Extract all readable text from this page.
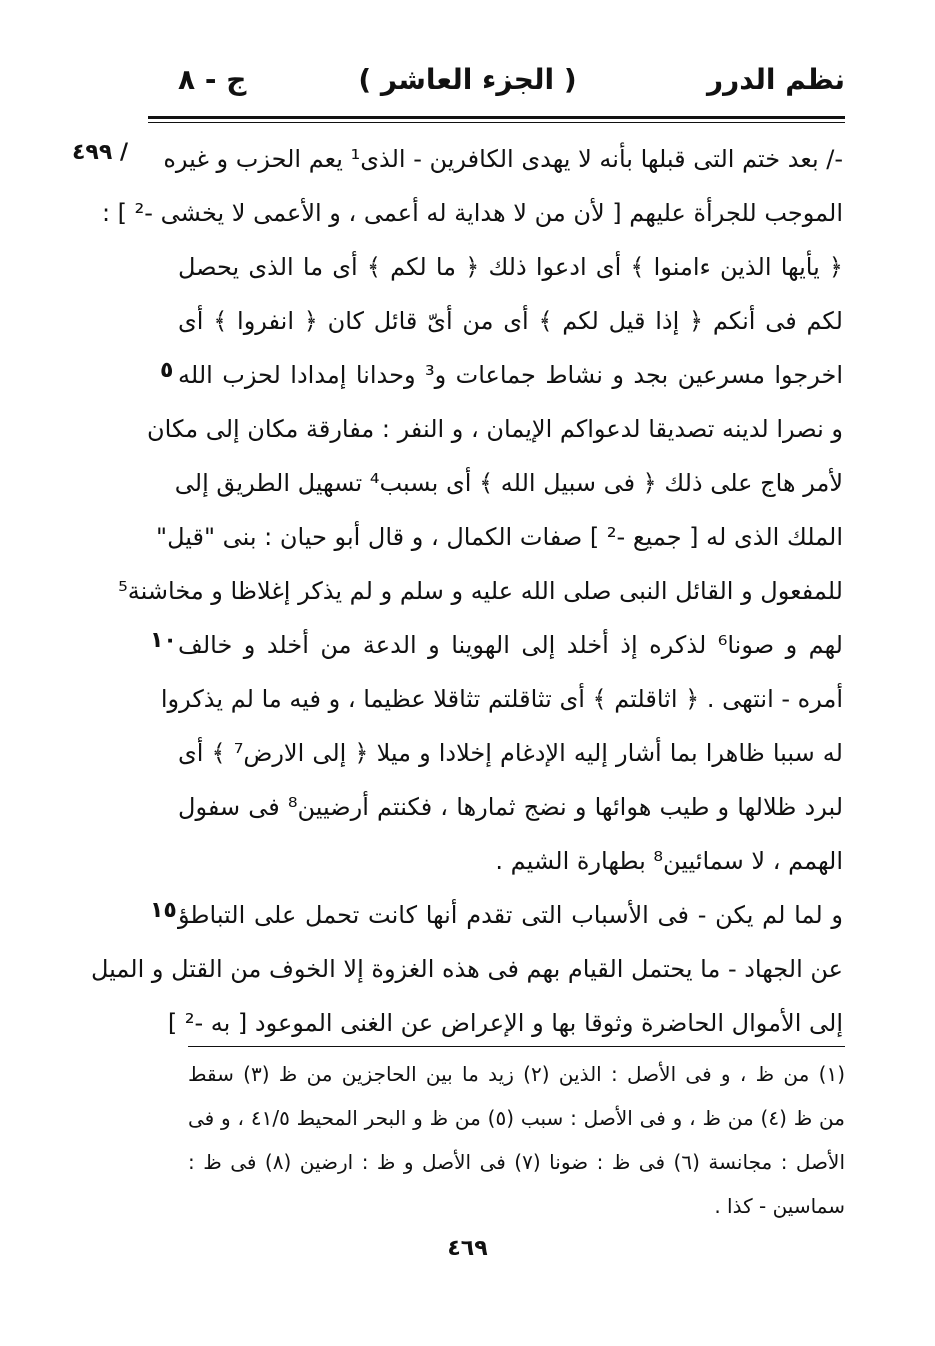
نظم الدرر
( الجزء العاشر )
ج - ٨
٤٩٩ /
٥
١٠
١٥
-/ بعد ختم التى قبلها بأنه لا يهدى الكافرين - الذى¹ يعم الحزب و غيره
الموجب للجرأة عليهم [ لأن من لا هداية له أعمى ، و الأعمى لا يخشى -² ] :
﴿ يأيها الذين ءامنوا ﴾ أى ادعوا ذلك ﴿ ما لكم ﴾ أى ما الذى يحصل
لكم فى أنكم ﴿ إذا قيل لكم ﴾ أى من أىّ قائل كان ﴿ انفروا ﴾ أى
اخرجوا مسرعين بجد و نشاط جماعات و³ وحدانا إمدادا لحزب الله
و نصرا لدينه تصديقا لدعواكم الإيمان ، و النفر : مفارقة مكان إلى مكان
لأمر هاج على ذلك ﴿ فى سبيل الله ﴾ أى بسبب⁴ تسهيل الطريق إلى
الملك الذى له [ جميع -² ] صفات الكمال ، و قال أبو حيان : بنى "قيل"
للمفعول و القائل النبى صلى الله عليه و سلم و لم يذكر إغلاظا و مخاشنة⁵
لهم و صونا⁶ لذكره إذ أخلد إلى الهوينا و الدعة من أخلد و خالف
أمره - انتهى . ﴿ اثاقلتم ﴾ أى تثاقلتم تثاقلا عظيما ، و فيه ما لم يذكروا
له سببا ظاهرا بما أشار إليه الإدغام إخلادا و ميلا ﴿ إلى الارض⁷ ﴾ أى
لبرد ظلالها و طيب هوائها و نضج ثمارها ، فكنتم أرضيين⁸ فى سفول
الهمم ، لا سمائيين⁸ بطهارة الشيم .
و لما لم يكن - فى الأسباب التى تقدم أنها كانت تحمل على التباطؤ
عن الجهاد - ما يحتمل القيام بهم فى هذه الغزوة إلا الخوف من القتل و الميل
إلى الأموال الحاضرة وثوقا بها و الإعراض عن الغنى الموعود [ به -² ]
(١) من ظ ، و فى الأصل : الذين (٢) زيد ما بين الحاجزين من ظ (٣) سقط
من ظ (٤) من ظ ، و فى الأصل : سبب (٥) من ظ و البحر المحيط ٤١/٥ ، و فى
الأصل : مجانسة (٦) فى ظ : ضونا (٧) فى الأصل و ظ : ارضين (٨) فى ظ :
سماسين - كذا .
٤٦٩
